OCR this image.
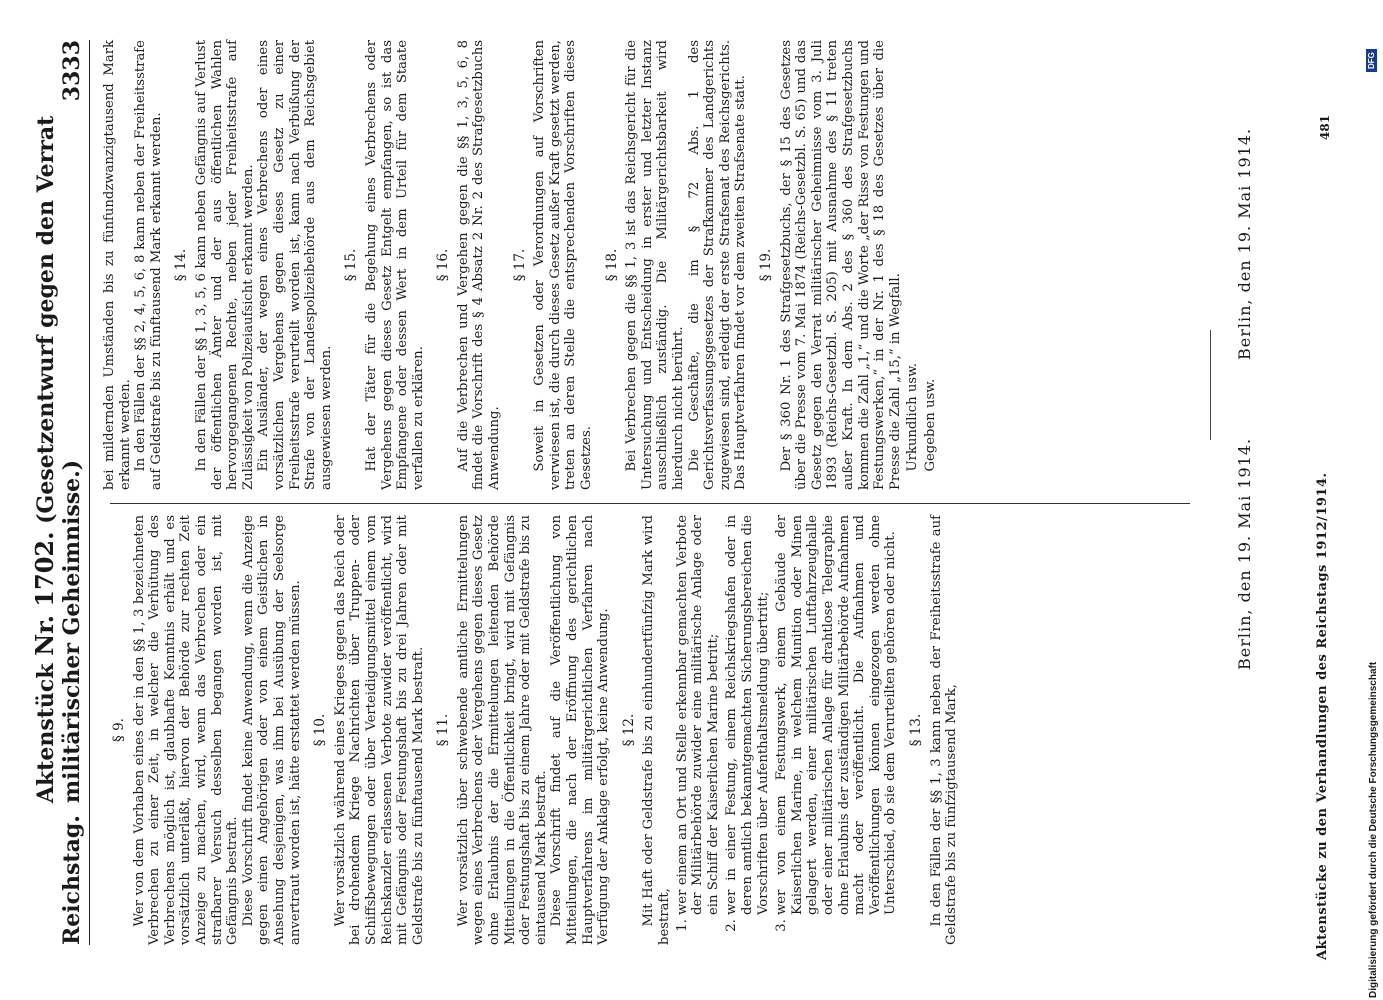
Reichstag.
Aktenstück Nr. 1702. (Gesetzentwurf gegen den Verrat militärischer Geheimnisse.)
3333
§ 9. Wer von dem Vorhaben eines der in den §§ 1, 3 bezeichneten Verbrechen zu einer Zeit, in welcher die Verhütung des Verbrechens möglich ist, glaubhafte Kenntnis erhält und es vorsätzlich unterläßt, hiervon der Behörde zur rechten Zeit Anzeige zu machen, wird, wenn das Verbrechen oder ein strafbarer Versuch desselben begangen worden ist, mit Gefängnis bestraft. Diese Vorschrift findet keine Anwendung, wenn die Anzeige gegen einen Angehörigen oder von einem Geistlichen in Ansehung desjenigen, was ihm bei Ausübung der Seelsorge anvertraut worden ist, hätte erstattet werden müssen. § 10. Wer vorsätzlich während eines Krieges gegen das Reich oder bei drohendem Kriege Nachrichten über Truppen- oder Schiffsbewegungen oder über Verteidigungsmittel einem vom Reichskanzler erlassenen Verbote zuwider veröffentlicht, wird mit Gefängnis oder Festungshaft bis zu drei Jahren oder mit Geldstrafe bis zu fünftausend Mark bestraft. § 11. Wer vorsätzlich über schwebende amtliche Ermittelungen wegen eines Verbrechens oder Vergehens gegen dieses Gesetz ohne Erlaubnis der die Ermittelungen leitenden Behörde Mitteilungen in die Öffentlichkeit bringt, wird mit Gefängnis oder Festungshaft bis zu einem Jahre oder mit Geldstrafe bis zu eintausend Mark bestraft. Diese Vorschrift findet auf die Veröffentlichung von Mitteilungen, die nach der Eröffnung des gerichtlichen Hauptverfahrens im militärgerichtlichen Verfahren nach Verfügung der Anklage erfolgt, keine Anwendung. § 12. Mit Haft oder Geldstrafe bis zu einhundertfünfzig Mark wird bestraft,

1. wer einem an Ort und Stelle erkennbar gemachten Verbote der Militärbehörde zuwider eine militärische Anlage oder ein Schiff der Kaiserlichen Marine betritt; 2. wer in einer Festung, einem Reichskriegshafen oder in deren amtlich bekanntgemachten Sicherungsbereichen die Vorschriften über Aufenthaltsmeldung übertritt; 3. wer von einem Festungswerk, einem Gebäude der Kaiserlichen Marine, in welchem Munition oder Minen gelagert werden, einer militärischen Luftfahrzeughalle oder einer militärischen Anlage für drahtlose Telegraphie ohne Erlaubnis der zuständigen Militärbehörde Aufnahmen macht oder veröffentlicht. Die Aufnahmen und Veröffentlichungen können eingezogen werden ohne Unterschied, ob sie dem Verurteilten gehören oder nicht. § 13. In den Fällen der §§ 1, 3 kann neben der Freiheitsstrafe auf Geldstrafe bis zu fünfzigtausend Mark,

bei mildernden Umständen bis zu fünfundzwanzigtausend Mark erkannt werden. In den Fällen der §§ 2, 4, 5, 6, 8 kann neben der Freiheitsstrafe auf Geldstrafe bis zu fünftausend Mark erkannt werden. § 14. In den Fällen der §§ 1, 3, 5, 6 kann neben Gefängnis auf Verlust der öffentlichen Ämter und der aus öffentlichen Wahlen hervorgegangenen Rechte, neben jeder Freiheitsstrafe auf Zulässigkeit von Polizeiaufsicht erkannt werden. Ein Ausländer, der wegen eines Verbrechens oder eines vorsätzlichen Vergehens gegen dieses Gesetz zu einer Freiheitsstrafe verurteilt worden ist, kann nach Verbüßung der Strafe von der Landespolizeibehörde aus dem Reichsgebiet ausgewiesen werden.

§ 15. Hat der Täter für die Begehung eines Verbrechens oder Vergehens gegen dieses Gesetz Entgelt empfangen, so ist das Empfangene oder dessen Wert in dem Urteil für dem Staate verfallen zu erklären.

§ 16. Auf die Verbrechen und Vergehen gegen die §§ 1, 3, 5, 6, 8 findet die Vorschrift des § 4 Absatz 2 Nr. 2 des Strafgesetzbuchs Anwendung.

§ 17. Soweit in Gesetzen oder Verordnungen auf Vorschriften verwiesen ist, die durch dieses Gesetz außer Kraft gesetzt werden, treten an deren Stelle die entsprechenden Vorschriften dieses Gesetzes.

§ 18. Bei Verbrechen gegen die §§ 1, 3 ist das Reichsgericht für die Untersuchung und Entscheidung in erster und letzter Instanz ausschließlich zuständig. Die Militärgerichtsbarkeit wird hierdurch nicht berührt. Die Geschäfte, die im § 72 Abs. 1 des Gerichtsverfassungsgesetzes der Strafkammer des Landgerichts zugewiesen sind, erledigt der erste Strafsenat des Reichsgerichts. Das Hauptverfahren findet vor dem zweiten Strafsenate statt. § 19. Der § 360 Nr. 1 des Strafgesetzbuchs, der § 15 des Gesetzes über die Presse vom 7. Mai 1874 (Reichs-Gesetzbl. S. 65) und das Gesetz gegen den Verrat militärischer Geheimnisse vom 3. Juli 1893 (Reichs-Gesetzbl. S. 205) mit Ausnahme des § 11 treten außer Kraft. In dem Abs. 2 des § 360 des Strafgesetzbuchs kommen die Zahl „1,“ und die Worte „der Risse von Festungen und Festungswerken,“ in der Nr. 1 des § 18 des Gesetzes über die Presse die Zahl „15,“ in Wegfall. Urkundlich usw. Gegeben usw.

Berlin, den 19. Mai 1914.
Berlin, den 19. Mai 1914.
Aktenstücke zu den Verhandlungen des Reichstags 1912/1914.
481
Digitalisierung gefördert durch die Deutsche Forschungsgemeinschaft
DFG
